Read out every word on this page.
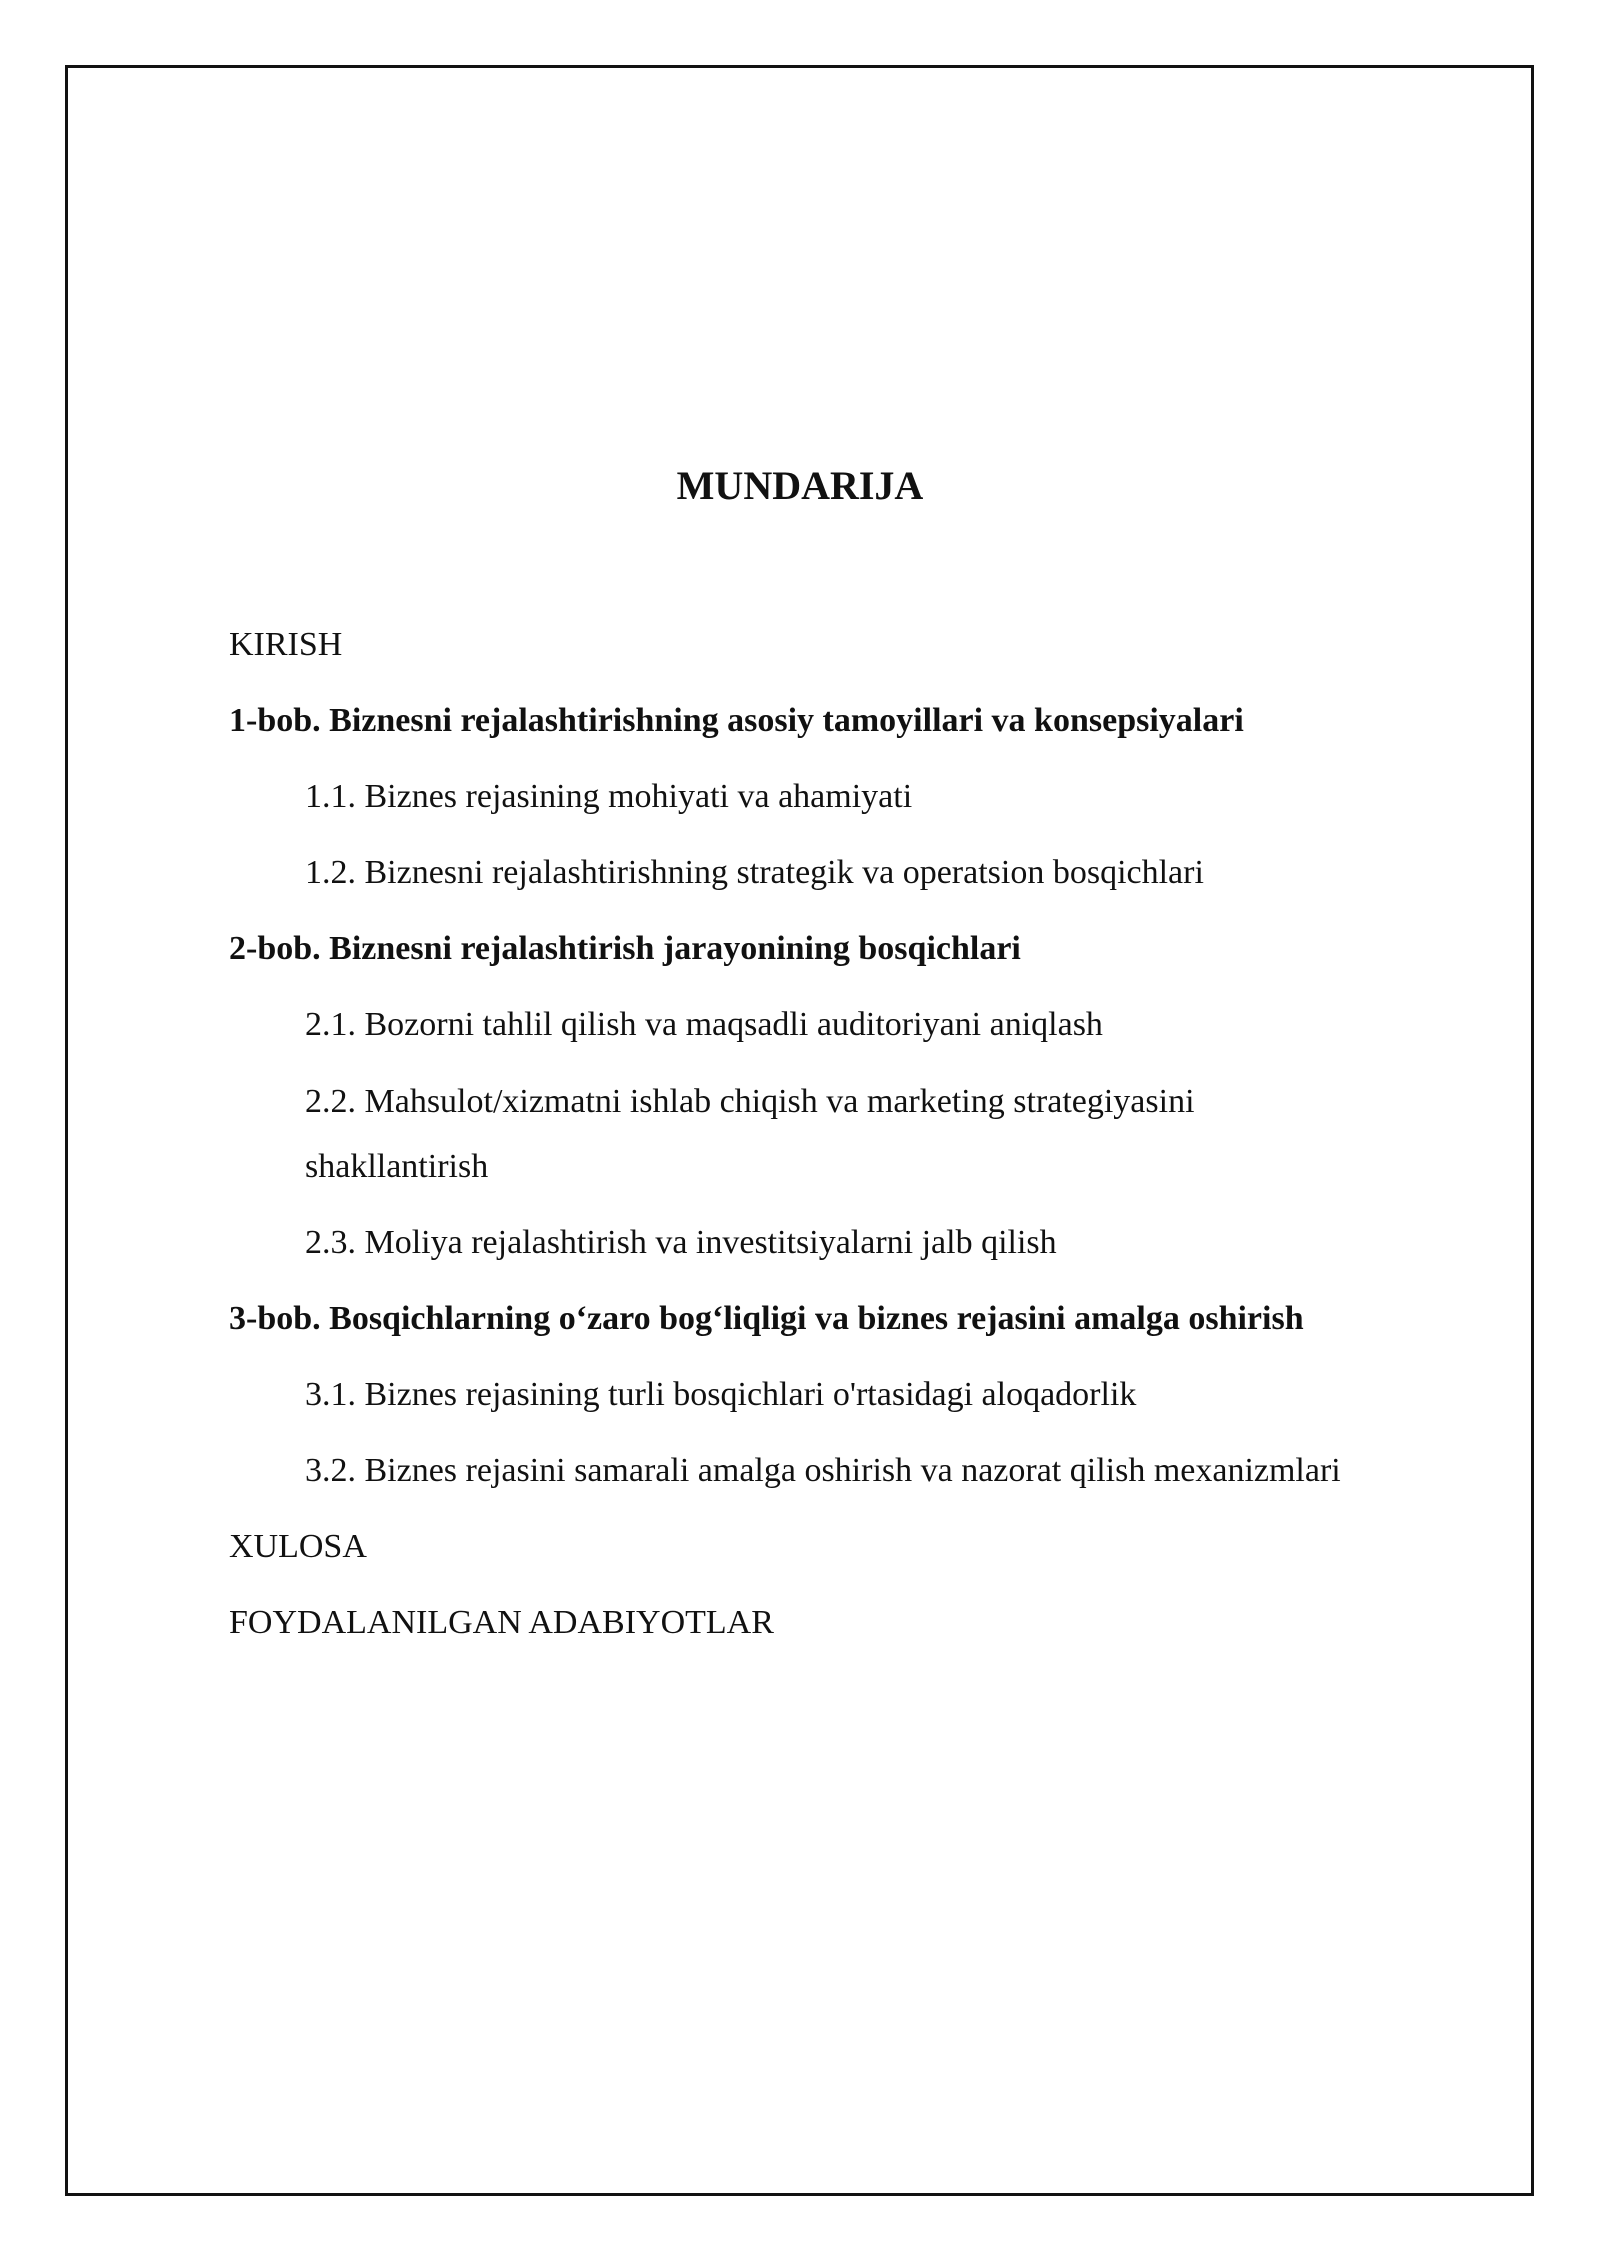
MUNDARIJA
KIRISH
1-bob. Biznesni rejalashtirishning asosiy tamoyillari va konsepsiyalari
1.1. Biznes rejasining mohiyati va ahamiyati
1.2. Biznesni rejalashtirishning strategik va operatsion bosqichlari
2-bob. Biznesni rejalashtirish jarayonining bosqichlari
2.1. Bozorni tahlil qilish va maqsadli auditoriyani aniqlash
2.2. Mahsulot/xizmatni ishlab chiqish va marketing strategiyasini shakllantirish
2.3. Moliya rejalashtirish va investitsiyalarni jalb qilish
3-bob. Bosqichlarning o‘zaro bog‘liqligi va biznes rejasini amalga oshirish
3.1. Biznes rejasining turli bosqichlari o'rtasidagi aloqadorlik
3.2. Biznes rejasini samarali amalga oshirish va nazorat qilish mexanizmlari
XULOSA
FOYDALANILGAN ADABIYOTLAR
